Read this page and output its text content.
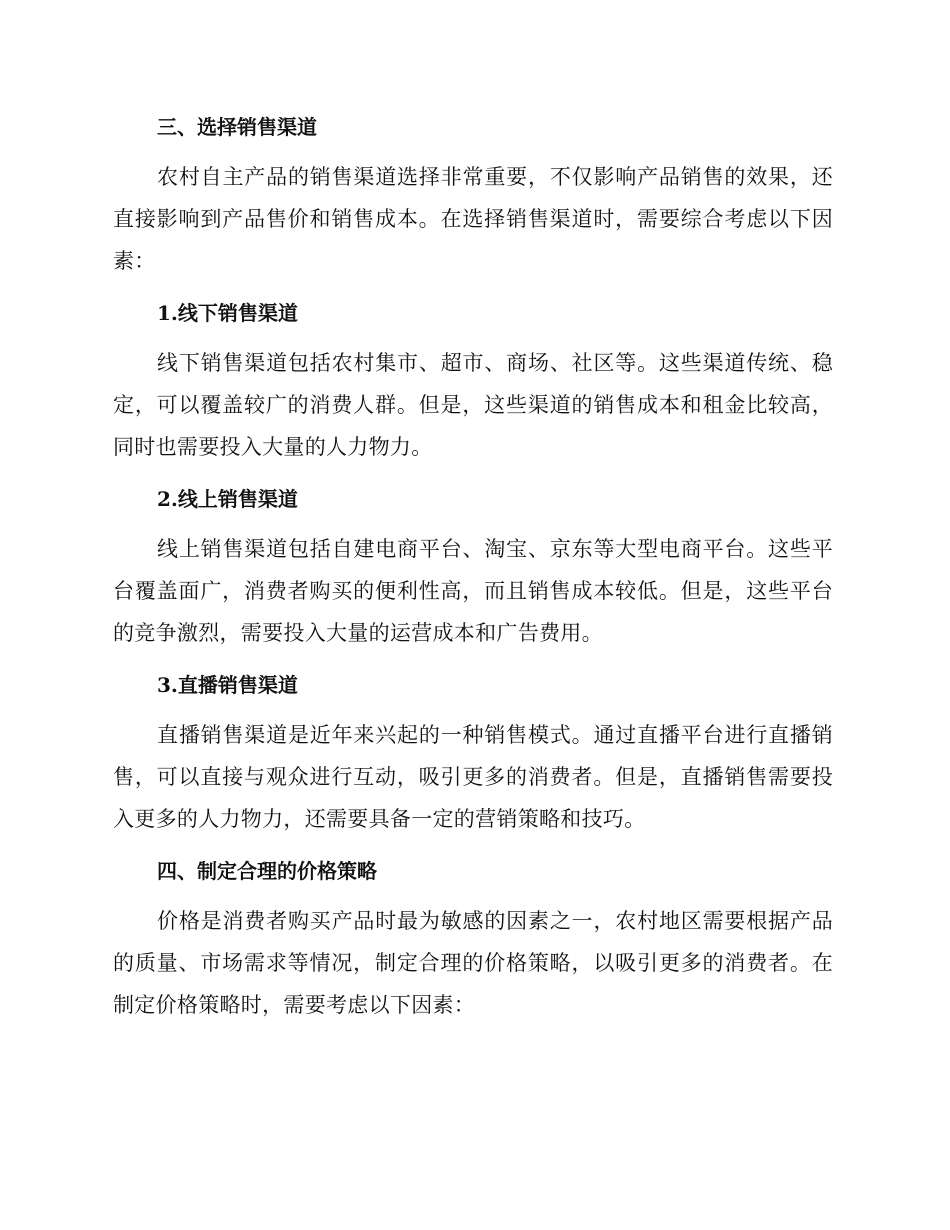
三、选择销售渠道

农村自主产品的销售渠道选择非常重要，不仅影响产品销售的效果，还直接影响到产品售价和销售成本。在选择销售渠道时，需要综合考虑以下因素：

1.线下销售渠道

线下销售渠道包括农村集市、超市、商场、社区等。这些渠道传统、稳定，可以覆盖较广的消费人群。但是，这些渠道的销售成本和租金比较高，同时也需要投入大量的人力物力。

2.线上销售渠道

线上销售渠道包括自建电商平台、淘宝、京东等大型电商平台。这些平台覆盖面广，消费者购买的便利性高，而且销售成本较低。但是，这些平台的竞争激烈，需要投入大量的运营成本和广告费用。

3.直播销售渠道

直播销售渠道是近年来兴起的一种销售模式。通过直播平台进行直播销售，可以直接与观众进行互动，吸引更多的消费者。但是，直播销售需要投入更多的人力物力，还需要具备一定的营销策略和技巧。

四、制定合理的价格策略

价格是消费者购买产品时最为敏感的因素之一，农村地区需要根据产品的质量、市场需求等情况，制定合理的价格策略，以吸引更多的消费者。在制定价格策略时，需要考虑以下因素：
